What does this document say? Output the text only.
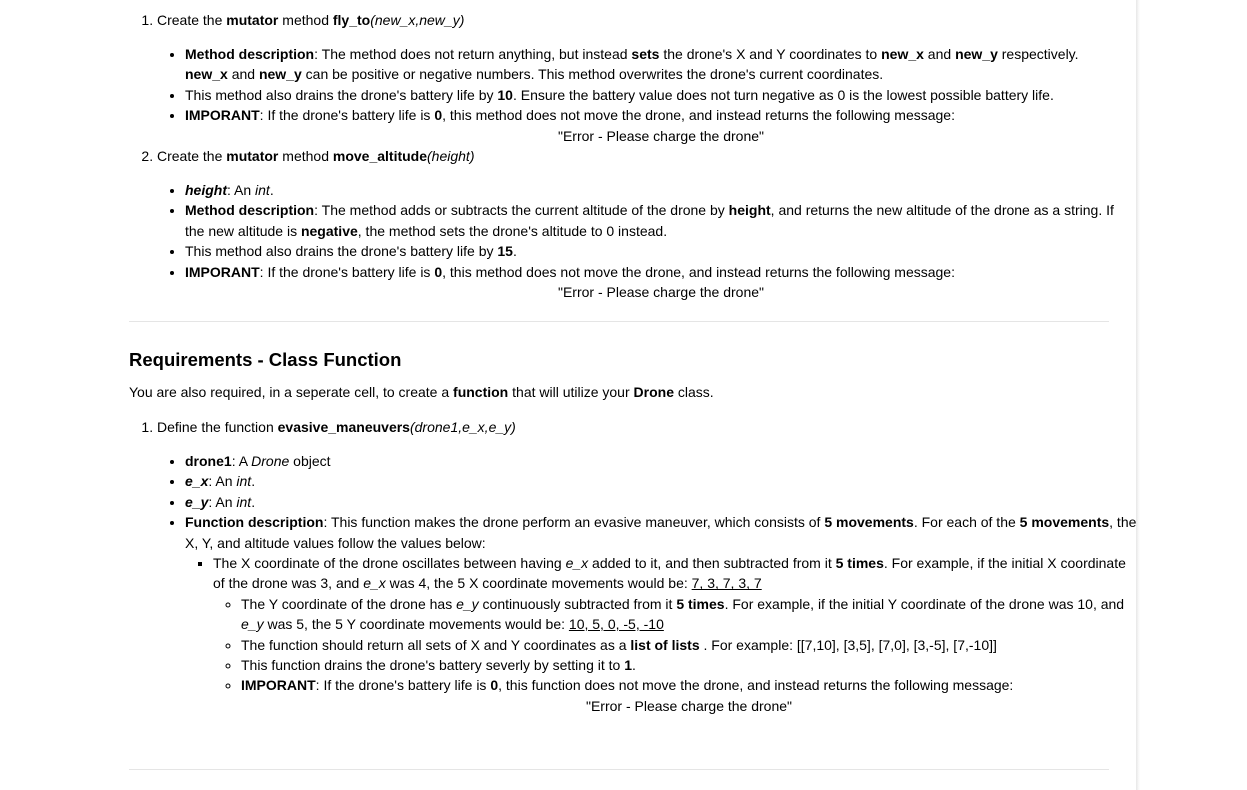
1. Create the mutator method fly_to(new_x,new_y)
• Method description: The method does not return anything, but instead sets the drone's X and Y coordinates to new_x and new_y respectively.
new_x and new_y can be positive or negative numbers. This method overwrites the drone's current coordinates.
• This method also drains the drone's battery life by 10. Ensure the battery value does not turn negative as 0 is the lowest possible battery life.
• IMPORANT: If the drone's battery life is 0, this method does not move the drone, and instead returns the following message:
"Error - Please charge the drone"
2. Create the mutator method move_altitude(height)
• height: An int.
• Method description: The method adds or subtracts the current altitude of the drone by height, and returns the new altitude of the drone as a string. If the new altitude is negative, the method sets the drone's altitude to 0 instead.
• This method also drains the drone's battery life by 15.
• IMPORANT: If the drone's battery life is 0, this method does not move the drone, and instead returns the following message:
"Error - Please charge the drone"
Requirements - Class Function

You are also required, in a seperate cell, to create a function that will utilize your Drone class.

1. Define the function evasive_maneuvers(drone1,e_x,e_y)
• drone1: A Drone object
• e_x: An int.
• e_y: An int.
• Function description: This function makes the drone perform an evasive maneuver, which consists of 5 movements. For each of the 5 movements, the X, Y, and altitude values follow the values below:
▪ The X coordinate of the drone oscillates between having e_x added to it, and then subtracted from it 5 times. For example, if the initial X coordinate of the drone was 3, and e_x was 4, the 5 X coordinate movements would be: 7, 3, 7, 3, 7
◦ The Y coordinate of the drone has e_y continuously subtracted from it 5 times. For example, if the initial Y coordinate of the drone was 10, and e_y was 5, the 5 Y coordinate movements would be: 10, 5, 0, -5, -10
◦ The function should return all sets of X and Y coordinates as a list of lists . For example: [[7,10], [3,5], [7,0], [3,-5], [7,-10]]
◦ This function drains the drone's battery severly by setting it to 1.
◦ IMPORANT: If the drone's battery life is 0, this function does not move the drone, and instead returns the following message:
"Error - Please charge the drone"
